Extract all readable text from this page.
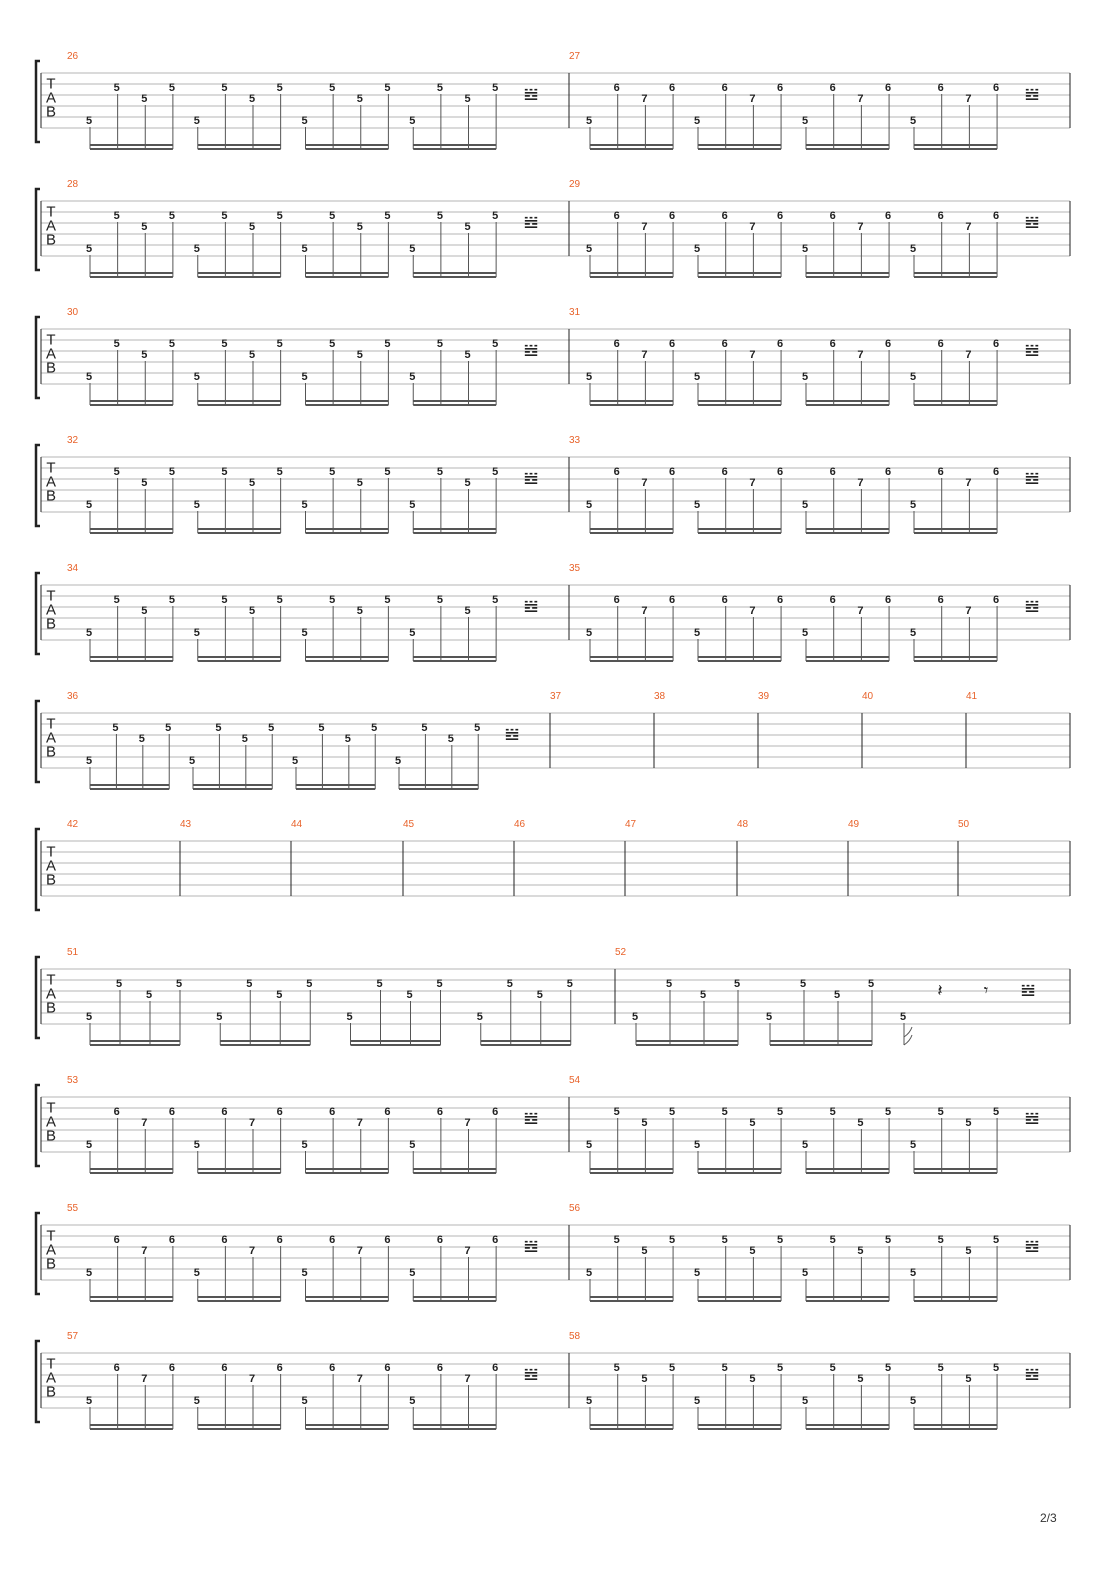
T
A
B
26
5
5
5
5
5
5
5
5
5
5
5
5
5
5
5
5 𝌿
27
5
6
7
6
5
6
7
6
5
6
7
6
5
6
7
6 𝌿
T
A
B
28
5
5
5
5
5
5
5
5
5
5
5
5
5
5
5
5 𝌿
29
5
6
7
6
5
6
7
6
5
6
7
6
5
6
7
6 𝌿
T
A
B
30
5
5
5
5
5
5
5
5
5
5
5
5
5
5
5
5 𝌿
31
5
6
7
6
5
6
7
6
5
6
7
6
5
6
7
6 𝌿
T
A
B
32
5
5
5
5
5
5
5
5
5
5
5
5
5
5
5
5 𝌿
33
5
6
7
6
5
6
7
6
5
6
7
6
5
6
7
6 𝌿
T
A
B
34
5
5
5
5
5
5
5
5
5
5
5
5
5
5
5
5 𝌿
35
5
6
7
6
5
6
7
6
5
6
7
6
5
6
7
6 𝌿
T
A
B
36
5
5
5
5
5
5
5
5
5
5
5
5
5
5
5
5 𝌿
37	38	39	40	41
T
A
B
42	43	44	45	46	47	48	49	50
T
A
B
51
5
5
5
5
5
5
5
5
5
5
5
5
5
5
5
5
52
5
5
5
5
5
5
5
5
5
𝄽 𝄾 𝌿
T
A
B
53
5
6
7
6
5
6
7
6
5
6
7
6
5
6
7
6 𝌿
54
5
5
5
5
5
5
5
5
5
5
5
5
5
5
5
5 𝌿
T
A
B
55
5
6
7
6
5
6
7
6
5
6
7
6
5
6
7
6 𝌿
56
5
5
5
5
5
5
5
5
5
5
5
5
5
5
5
5 𝌿
T
A
B
57
5
6
7
6
5
6
7
6
5
6
7
6
5
6
7
6 𝌿
58
5
5
5
5
5
5
5
5
5
5
5
5
5
5
5
5 𝌿
2/3
